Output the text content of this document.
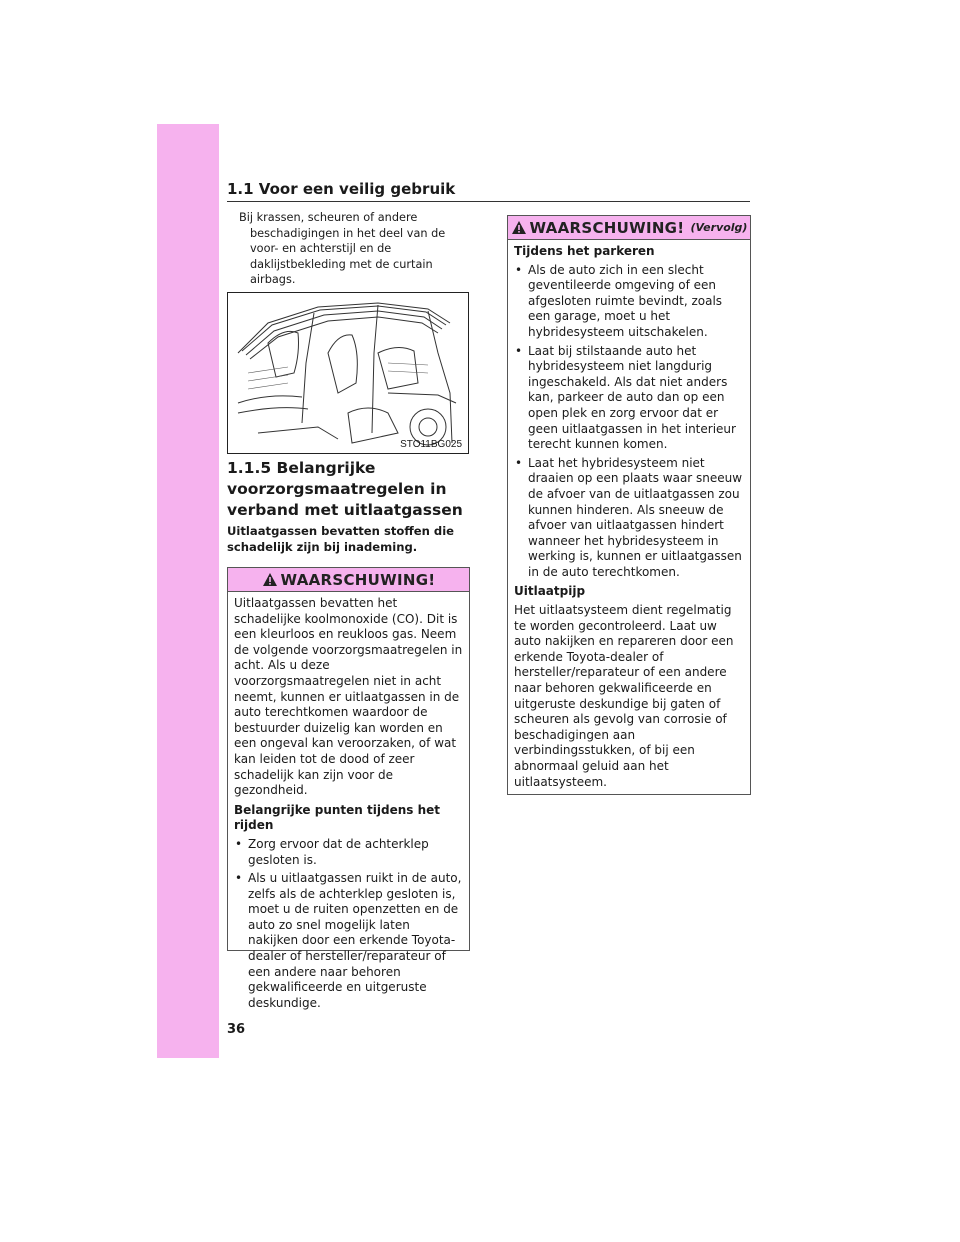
1.1 Voor een veilig gebruik
Bij krassen, scheuren of andere beschadigingen in het deel van de voor- en achterstijl en de daklijstbekleding met de curtain airbags.
STO11BG025
1.1.5 Belangrijke voorzorgsmaatregelen in verband met uitlaatgassen
Uitlaatgassen bevatten stoffen die schadelijk zijn bij inademing.
WAARSCHUWING!

Uitlaatgassen bevatten het schadelijke koolmonoxide (CO). Dit is een kleurloos en reukloos gas. Neem de volgende voorzorgsmaatregelen in acht. Als u deze voorzorgsmaatregelen niet in acht neemt, kunnen er uitlaatgassen in de auto terechtkomen waardoor de bestuurder duizelig kan worden en een ongeval kan veroorzaken, of wat kan leiden tot de dood of zeer schadelijk kan zijn voor de gezondheid.

Belangrijke punten tijdens het rijden

• Zorg ervoor dat de achterklep gesloten is.
• Als u uitlaatgassen ruikt in de auto, zelfs als de achterklep gesloten is, moet u de ruiten openzetten en de auto zo snel mogelijk laten nakijken door een erkende Toyota-dealer of hersteller/reparateur of een andere naar behoren gekwalificeerde en uitgeruste deskundige.
WAARSCHUWING! (Vervolg)

Tijdens het parkeren

• Als de auto zich in een slecht geventileerde omgeving of een afgesloten ruimte bevindt, zoals een garage, moet u het hybridesysteem uitschakelen.
• Laat bij stilstaande auto het hybridesysteem niet langdurig ingeschakeld. Als dat niet anders kan, parkeer de auto dan op een open plek en zorg ervoor dat er geen uitlaatgassen in het interieur terecht kunnen komen.
• Laat het hybridesysteem niet draaien op een plaats waar sneeuw de afvoer van de uitlaatgassen zou kunnen hinderen. Als sneeuw de afvoer van uitlaatgassen hindert wanneer het hybridesysteem in werking is, kunnen er uitlaatgassen in de auto terechtkomen.

Uitlaatpijp

Het uitlaatsysteem dient regelmatig te worden gecontroleerd. Laat uw auto nakijken en repareren door een erkende Toyota-dealer of hersteller/reparateur of een andere naar behoren gekwalificeerde en uitgeruste deskundige bij gaten of scheuren als gevolg van corrosie of beschadigingen aan verbindingsstukken, of bij een abnormaal geluid aan het uitlaatsysteem.

36
